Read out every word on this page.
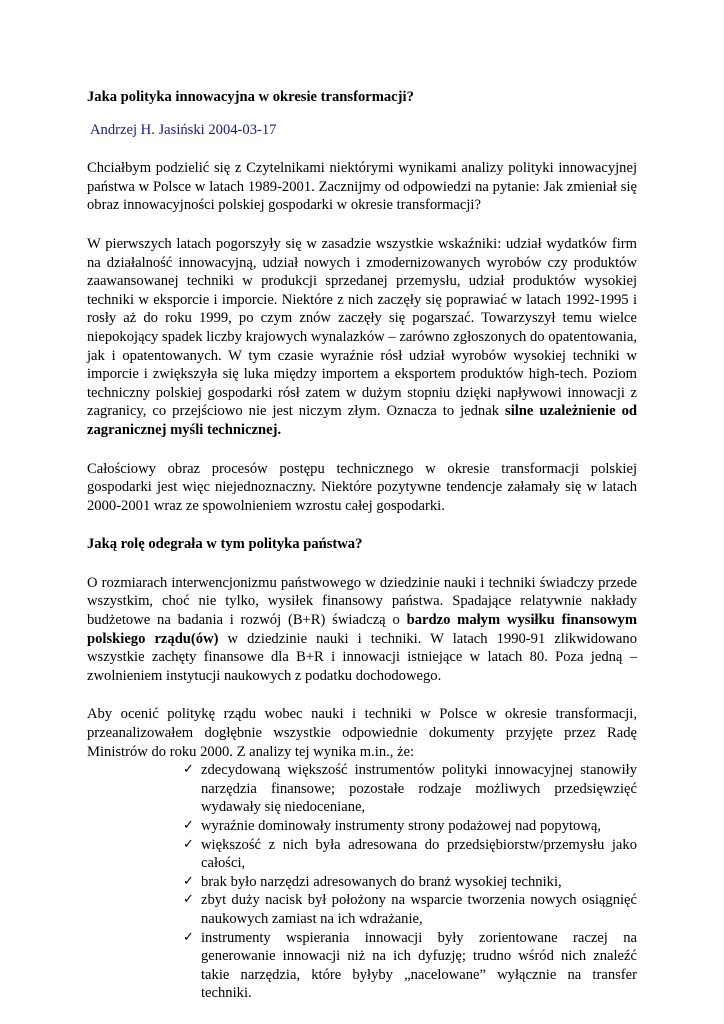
Jaka polityka innowacyjna w okresie transformacji?
Andrzej H. Jasiński 2004-03-17

Chciałbym podzielić się z Czytelnikami niektórymi wynikami analizy polityki innowacyjnej państwa w Polsce w latach 1989-2001. Zacznijmy od odpowiedzi na pytanie: Jak zmieniał się obraz innowacyjności polskiej gospodarki w okresie transformacji?

W pierwszych latach pogorszyły się w zasadzie wszystkie wskaźniki: udział wydatków firm na działalność innowacyjną, udział nowych i zmodernizowanych wyrobów czy produktów zaawansowanej techniki w produkcji sprzedanej przemysłu, udział produktów wysokiej techniki w eksporcie i imporcie. Niektóre z nich zaczęły się poprawiać w latach 1992-1995 i rosły aż do roku 1999, po czym znów zaczęły się pogarszać. Towarzyszył temu wielce niepokojący spadek liczby krajowych wynalazków – zarówno zgłoszonych do opatentowania, jak i opatentowanych. W tym czasie wyraźnie rósł udział wyrobów wysokiej techniki w imporcie i zwiększyła się luka między importem a eksportem produktów high-tech. Poziom techniczny polskiej gospodarki rósł zatem w dużym stopniu dzięki napływowi innowacji z zagranicy, co przejściowo nie jest niczym złym. Oznacza to jednak silne uzależnienie od zagranicznej myśli technicznej.

Całościowy obraz procesów postępu technicznego w okresie transformacji polskiej gospodarki jest więc niejednoznaczny. Niektóre pozytywne tendencje załamały się w latach 2000-2001 wraz ze spowolnieniem wzrostu całej gospodarki.

Jaką rolę odegrała w tym polityka państwa?

O rozmiarach interwencjonizmu państwowego w dziedzinie nauki i techniki świadczy przede wszystkim, choć nie tylko, wysiłek finansowy państwa. Spadające relatywnie nakłady budżetowe na badania i rozwój (B+R) świadczą o bardzo małym wysiłku finansowym polskiego rządu(ów) w dziedzinie nauki i techniki. W latach 1990-91 zlikwidowano wszystkie zachęty finansowe dla B+R i innowacji istniejące w latach 80. Poza jedną – zwolnieniem instytucji naukowych z podatku dochodowego.

Aby ocenić politykę rządu wobec nauki i techniki w Polsce w okresie transformacji, przeanalizowałem dogłębnie wszystkie odpowiednie dokumenty przyjęte przez Radę Ministrów do roku 2000. Z analizy tej wynika m.in., że:

✓ zdecydowaną większość instrumentów polityki innowacyjnej stanowiły narzędzia finansowe; pozostałe rodzaje możliwych przedsięwzięć wydawały się niedoceniane,
✓ wyraźnie dominowały instrumenty strony podażowej nad popytową,
✓ większość z nich była adresowana do przedsiębiorstw/przemysłu jako całości,
✓ brak było narzędzi adresowanych do branż wysokiej techniki,
✓ zbyt duży nacisk był położony na wsparcie tworzenia nowych osiągnięć naukowych zamiast na ich wdrażanie,
✓ instrumenty wspierania innowacji były zorientowane raczej na generowanie innowacji niż na ich dyfuzję; trudno wśród nich znaleźć takie narzędzia, które byłyby „nacelowane” wyłącznie na transfer techniki.
